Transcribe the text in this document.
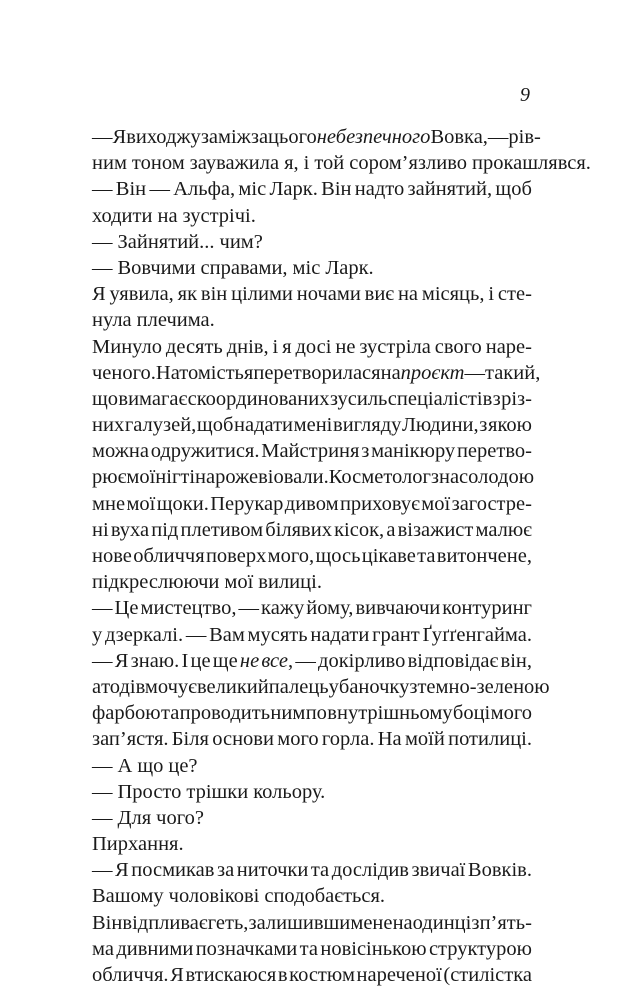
9
— Я виходжу заміж за цього небезпечного Вовка, — рів-
ним тоном зауважила я, і той сором’язливо прокашлявся.
— Він — Альфа, міс Ларк. Він надто зайнятий, щоб
ходити на зустрічі.
— Зайнятий... чим?
— Вовчими справами, міс Ларк.
Я уявила, як він цілими ночами виє на місяць, і сте-
нула плечима.
Минуло десять днів, і я досі не зустріла свого наре-
ченого. Натомість я перетворилася на проєкт — такий,
що вимагає скоординованих зусиль спеціалістів з різ-
них галузей, щоб надати мені вигляду Людини, з якою
можна одружитися. Майстриня з манікюру перетво-
рює мої нігті на рожеві овали. Косметолог з насолодою
мне мої щоки. Перукар дивом приховує мої загостре-
ні вуха під плетивом білявих кісок, а візажист малює
нове обличчя поверх мого, щось цікаве та витончене,
підкреслюючи мої вилиці.
— Це мистецтво, — кажу йому, вивчаючи контуринг
у дзеркалі. — Вам мусять надати грант Ґуґґенгайма.
— Я знаю. І це ще не все, — докірливо відповідає він,
а тоді вмочує великий палець у баночку з темно-зеленою
фарбою та проводить ним по внутрішньому боці мого
зап’ястя. Біля основи мого горла. На моїй потилиці.
— А що це?
— Просто трішки кольору.
— Для чого?
Пирхання.
— Я посмикав за ниточки та дослідив звичаї Вовків.
Вашому чоловікові сподобається.
Він відпливає геть, залишивши мене наодинці з п’ять-
ма дивними позначками та новісінькою структурою
обличчя. Я втискаюся в костюм нареченої (стилістка
